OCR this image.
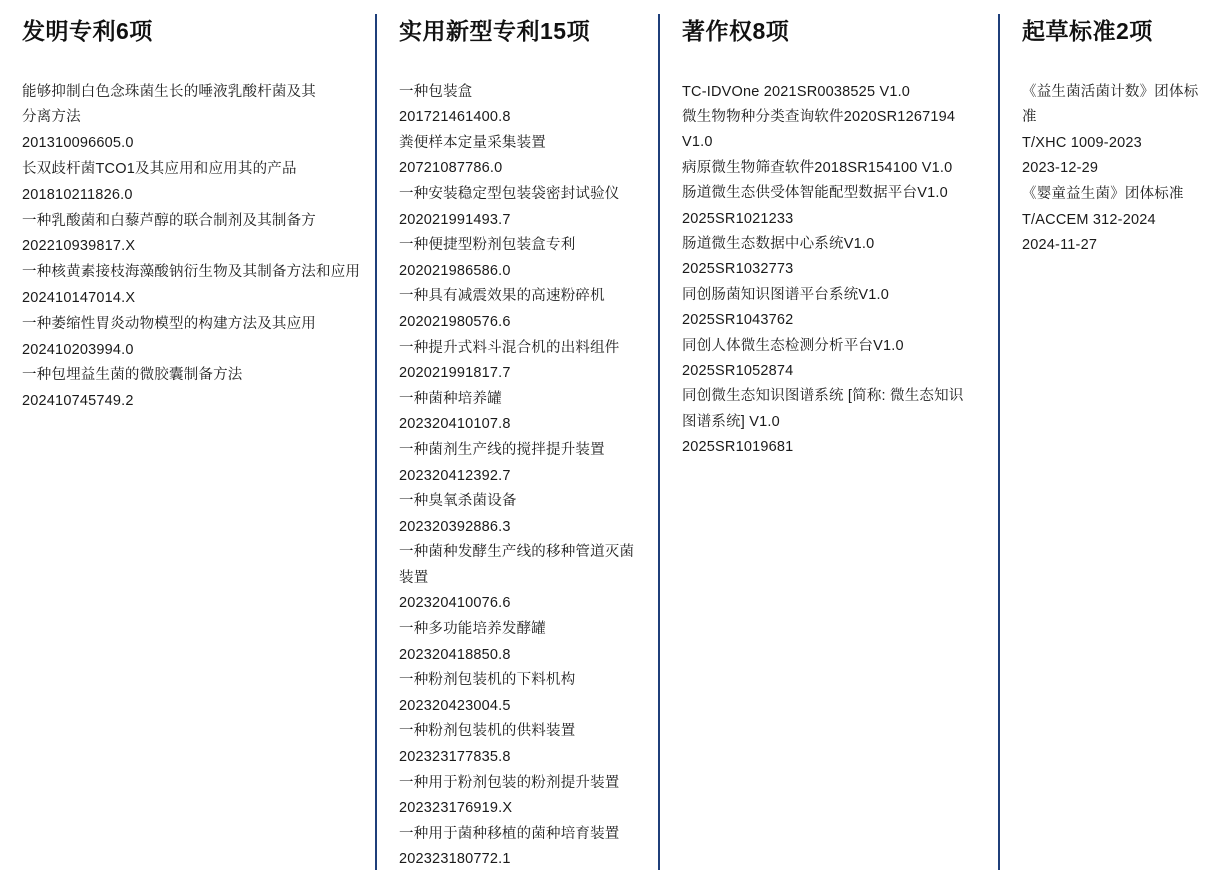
发明专利6项
能够抑制白色念珠菌生长的唾液乳酸杆菌及其
分离方法
201310096605.0
长双歧杆菌TCO1及其应用和应用其的产品
201810211826.0
一种乳酸菌和白藜芦醇的联合制剂及其制备方
202210939817.X
一种核黄素接枝海藻酸钠衍生物及其制备方法和应用
202410147014.X
一种萎缩性胃炎动物模型的构建方法及其应用
202410203994.0
一种包埋益生菌的微胶囊制备方法
202410745749.2
实用新型专利15项
一种包装盒
201721461400.8
粪便样本定量采集装置
20721087786.0
一种安装稳定型包装袋密封试验仪
202021991493.7
一种便捷型粉剂包装盒专利
202021986586.0
一种具有减震效果的高速粉碎机
202021980576.6
一种提升式料斗混合机的出料组件
202021991817.7
一种菌种培养罐
202320410107.8
一种菌剂生产线的搅拌提升装置
202320412392.7
一种臭氧杀菌设备
202320392886.3
一种菌种发酵生产线的移种管道灭菌装置
202320410076.6
一种多功能培养发酵罐
202320418850.8
一种粉剂包装机的下料机构
202320423004.5
一种粉剂包装机的供料装置
202323177835.8
一种用于粉剂包装的粉剂提升装置
202323176919.X
一种用于菌种移植的菌种培育装置
202323180772.1
著作权8项
TC-IDVOne 2021SR0038525 V1.0
微生物物种分类查询软件2020SR1267194 V1.0
病原微生物筛查软件2018SR154100 V1.0
肠道微生态供受体智能配型数据平台V1.0
2025SR1021233
肠道微生态数据中心系统V1.0
2025SR1032773
同创肠菌知识图谱平台系统V1.0
2025SR1043762
同创人体微生态检测分析平台V1.0
2025SR1052874
同创微生态知识图谱系统 [简称: 微生态知识
图谱系统] V1.0
2025SR1019681
起草标准2项
《益生菌活菌计数》团体标准
T/XHC 1009-2023
2023-12-29
《婴童益生菌》团体标准
T/ACCEM 312-2024
2024-11-27
